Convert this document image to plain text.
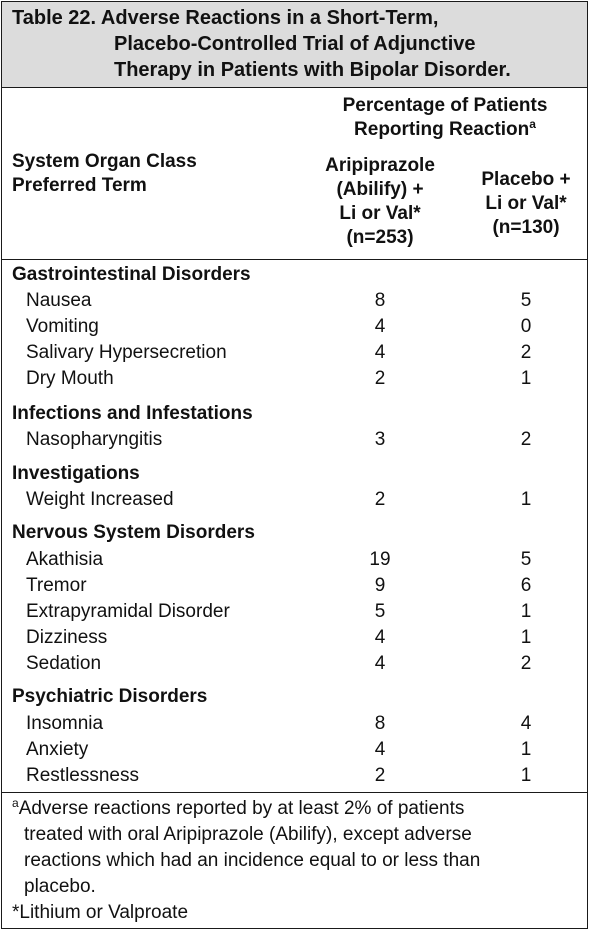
Table 22. Adverse Reactions in a Short-Term,
Placebo-Controlled Trial of Adjunctive
Therapy in Patients with Bipolar Disorder.
Percentage of Patients
Reporting Reaction$^a$
System Organ Class
Preferred Term
Aripiprazole
(Abilify) +
Li or Val*
(n=253)
Placebo +
Li or Val*
(n=130)
Gastrointestinal Disorders
Nausea	8	5
Vomiting	4	0
Salivary Hypersecretion	4	2
Dry Mouth	2	1
Infections and Infestations
Nasopharyngitis	3	2
Investigations
Weight Increased	2	1
Nervous System Disorders
Akathisia	19	5
Tremor	9	6
Extrapyramidal Disorder	5	1
Dizziness	4	1
Sedation	4	2
Psychiatric Disorders
Insomnia	8	4
Anxiety	4	1
Restlessness	2	1
$^a$Adverse reactions reported by at least 2% of patients
treated with oral Aripiprazole (Abilify), except adverse
reactions which had an incidence equal to or less than
placebo.
*Lithium or Valproate
